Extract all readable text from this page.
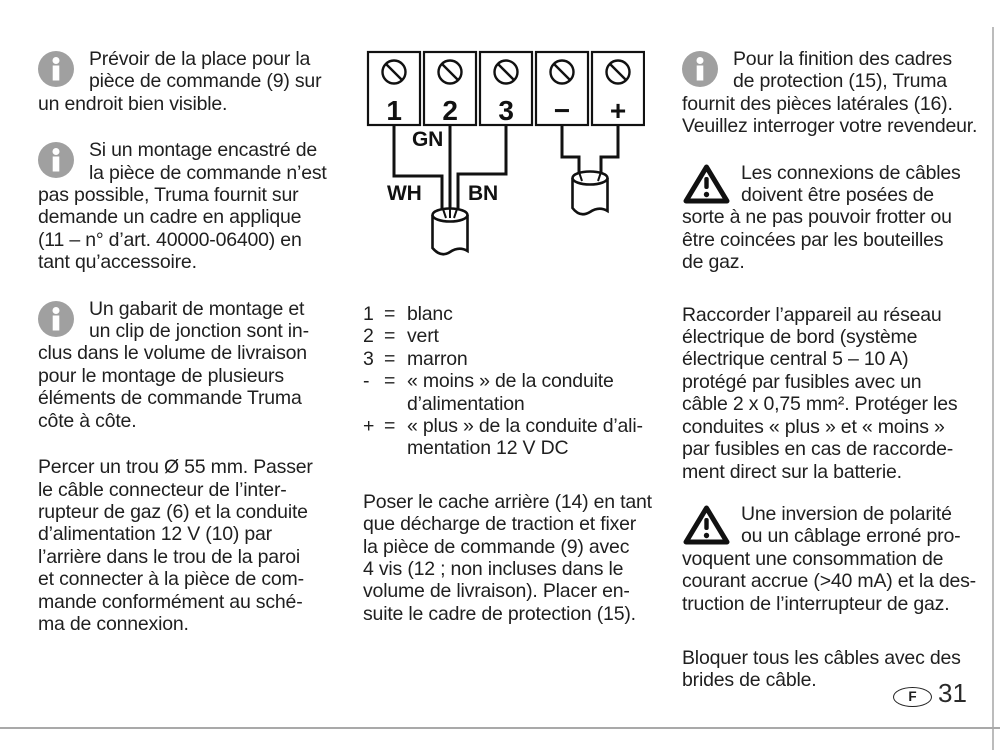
Prévoir de la place pour la
pièce de commande (9) sur
un endroit bien visible.
Si un montage encastré de
la pièce de commande n’est
pas possible, Truma fournit sur
demande un cadre en applique
(11 – n° d’art. 40000-06400) en
tant qu’accessoire.
Un gabarit de montage et
un clip de jonction sont in-
clus dans le volume de livraison
pour le montage de plusieurs
éléments de commande Truma
côte à côte.
Percer un trou Ø 55 mm. Passer
le câble connecteur de l’inter-
rupteur de gaz (6) et la conduite
d’alimentation 12 V (10) par
l’arrière dans le trou de la paroi
et connecter à la pièce de com-
mande conformément au sché-
ma de connexion.
1 2 3 − +
GN
WH BN
1 = blanc
2 = vert
3 = marron
- = « moins » de la conduite
d’alimentation
+ = « plus » de la conduite d’ali-
mentation 12 V DC
Poser le cache arrière (14) en tant
que décharge de traction et fixer
la pièce de commande (9) avec
4 vis (12 ; non incluses dans le
volume de livraison). Placer en-
suite le cadre de protection (15).
Pour la finition des cadres
de protection (15), Truma
fournit des pièces latérales (16).
Veuillez interroger votre revendeur.
Les connexions de câbles
doivent être posées de
sorte à ne pas pouvoir frotter ou
être coincées par les bouteilles
de gaz.
Raccorder l’appareil au réseau
électrique de bord (système
électrique central 5 – 10 A)
protégé par fusibles avec un
câble 2 x 0,75 mm². Protéger les
conduites « plus » et « moins »
par fusibles en cas de raccorde-
ment direct sur la batterie.
Une inversion de polarité
ou un câblage erroné pro-
voquent une consommation de
courant accrue (>40 mA) et la des-
truction de l’interrupteur de gaz.
Bloquer tous les câbles avec des
brides de câble.
F 31
